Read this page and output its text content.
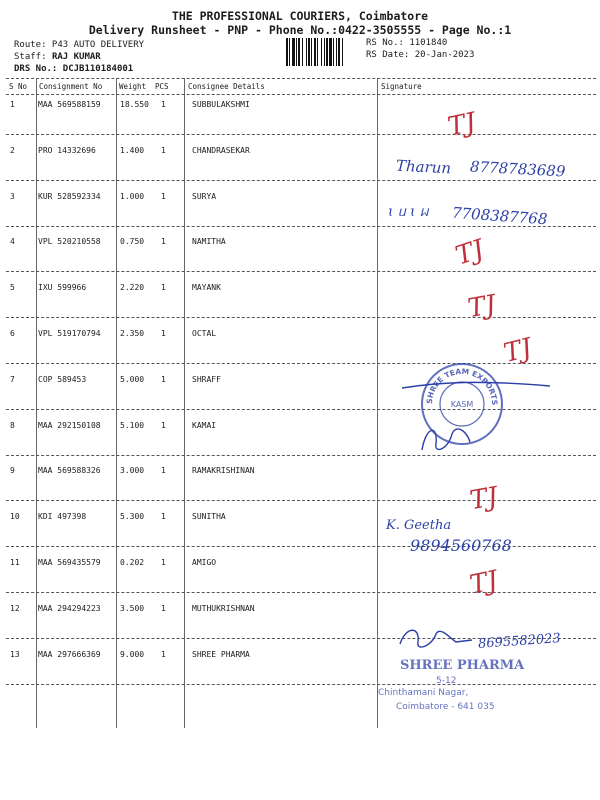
THE PROFESSIONAL COURIERS, Coimbatore
Delivery Runsheet - PNP - Phone No.:0422-3505555 - Page No.:1
Route: P43 AUTO DELIVERY
Staff: RAJ KUMAR
DRS No.: DCJB110184001
RS No.: 1101840
RS Date: 20-Jan-2023
S No Consignment No Weight PCS	Consignee Details	Signature
1	MAA 569588159 18.550 1	SUBBULAKSHMI
2	PRO 14332696	1.400 1	CHANDRASEKAR
3	KUR 528592334 1.000 1	SURYA
4	VPL 520210558 0.750 1	NAMITHA
5	IXU 599966	2.220 1	MAYANK
6	VPL 519170794 2.350 1	OCTAL
7	COP 589453	5.000 1	SHRAFF
8	MAA 292150108 5.100 1	KAMAI
9	MAA 569588326 3.000 1	RAMAKRISHINAN
10 KDI 497398	5.300 1	SUNITHA
11 MAA 569435579 0.202 1	AMIGO
12 MAA 294294223 3.500 1	MUTHUKRISHNAN
13 MAA 297666369 9.000 1	SHREE PHARMA
TJ
Tharun 8778783689
ɩ ᥙ ɩ ᥕ 7708387768
TJ
TJ
TJ
SHREE TEAM EXPORTS
KASM
TJ
K. Geetha
9894560768
TJ
8695582023
SHREE PHARMA
5-12
Chinthamani Nagar,
Coimbatore - 641 035
